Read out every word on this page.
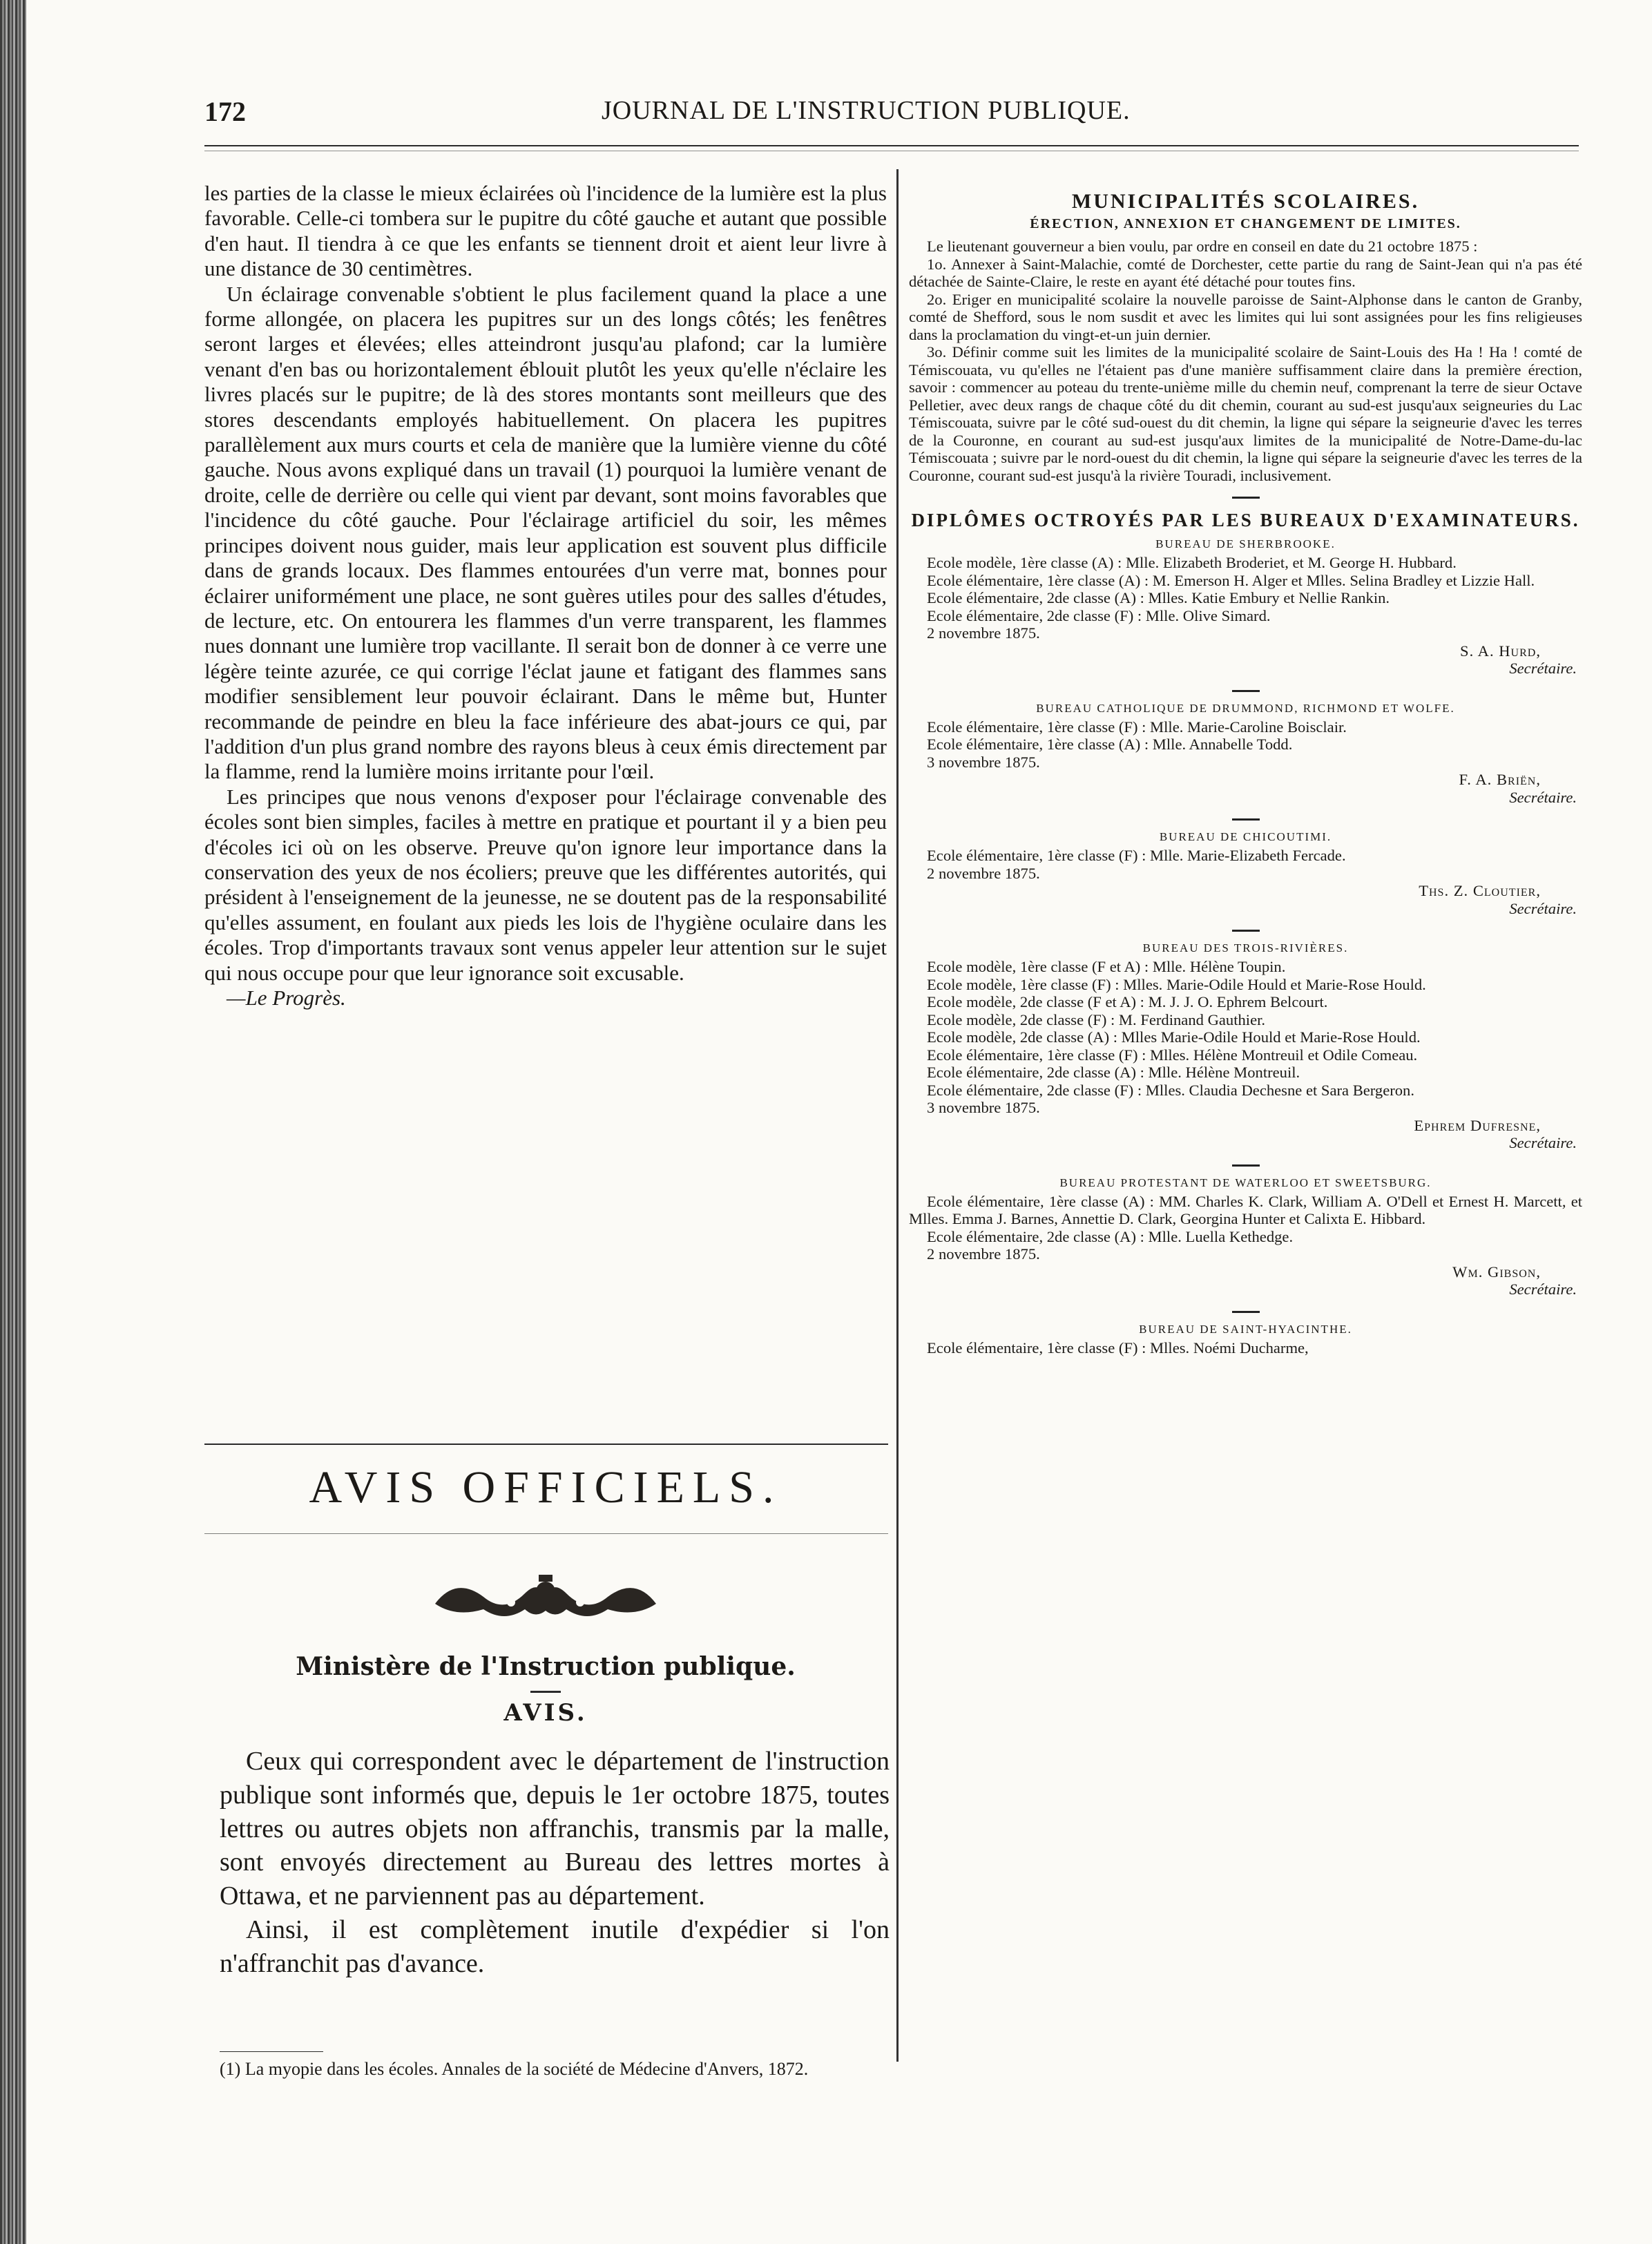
172	JOURNAL DE L'INSTRUCTION PUBLIQUE.

les parties de la classe le mieux éclairées où l'incidence de la lumière est la plus favorable. Celle-ci tombera sur le pupitre du côté gauche et autant que possible d'en haut. Il tiendra à ce que les enfants se tiennent droit et aient leur livre à une distance de 30 centimètres.

Un éclairage convenable s'obtient le plus facilement quand la place a une forme allongée, on placera les pupitres sur un des longs côtés; les fenêtres seront larges et élevées; elles atteindront jusqu'au plafond; car la lumière venant d'en bas ou horizontalement éblouit plutôt les yeux qu'elle n'éclaire les livres placés sur le pupitre; de là des stores montants sont meilleurs que des stores descendants employés habituellement. On placera les pupitres parallèlement aux murs courts et cela de manière que la lumière vienne du côté gauche. Nous avons expliqué dans un travail (1) pourquoi la lumière venant de droite, celle de derrière ou celle qui vient par devant, sont moins favorables que l'incidence du côté gauche. Pour l'éclairage artificiel du soir, les mêmes principes doivent nous guider, mais leur application est souvent plus difficile dans de grands locaux. Des flammes entourées d'un verre mat, bonnes pour éclairer uniformément une place, ne sont guères utiles pour des salles d'études, de lecture, etc. On entourera les flammes d'un verre transparent, les flammes nues donnant une lumière trop vacillante. Il serait bon de donner à ce verre une légère teinte azurée, ce qui corrige l'éclat jaune et fatigant des flammes sans modifier sensiblement leur pouvoir éclairant. Dans le même but, Hunter recommande de peindre en bleu la face inférieure des abat-jours ce qui, par l'addition d'un plus grand nombre des rayons bleus à ceux émis directement par la flamme, rend la lumière moins irritante pour l'œil.

Les principes que nous venons d'exposer pour l'éclairage convenable des écoles sont bien simples, faciles à mettre en pratique et pourtant il y a bien peu d'écoles ici où on les observe. Preuve qu'on ignore leur importance dans la conservation des yeux de nos écoliers; preuve que les différentes autorités, qui président à l'enseignement de la jeunesse, ne se doutent pas de la responsabilité qu'elles assument, en foulant aux pieds les lois de l'hygiène oculaire dans les écoles. Trop d'importants travaux sont venus appeler leur attention sur le sujet qui nous occupe pour que leur ignorance soit excusable.

—Le Progrès.

AVIS OFFICIELS.
Ministère de l'Instruction publique.
AVIS.

Ceux qui correspondent avec le département de l'instruction publique sont informés que, depuis le 1er octobre 1875, toutes lettres ou autres objets non affranchis, transmis par la malle, sont envoyés directement au Bureau des lettres mortes à Ottawa, et ne parviennent pas au département.

Ainsi, il est complètement inutile d'expédier si l'on n'affranchit pas d'avance.

(1) La myopie dans les écoles. Annales de la société de Médecine d'Anvers, 1872.
MUNICIPALITÉS SCOLAIRES.
ÉRECTION, ANNEXION ET CHANGEMENT DE LIMITES.

Le lieutenant gouverneur a bien voulu, par ordre en conseil en date du 21 octobre 1875 :

1o. Annexer à Saint-Malachie, comté de Dorchester, cette partie du rang de Saint-Jean qui n'a pas été détachée de Sainte-Claire, le reste en ayant été détaché pour toutes fins.

2o. Eriger en municipalité scolaire la nouvelle paroisse de Saint-Alphonse dans le canton de Granby, comté de Shefford, sous le nom susdit et avec les limites qui lui sont assignées pour les fins religieuses dans la proclamation du vingt-et-un juin dernier.

3o. Définir comme suit les limites de la municipalité scolaire de Saint-Louis des Ha ! Ha ! comté de Témiscouata, vu qu'elles ne l'étaient pas d'une manière suffisamment claire dans la première érection, savoir : commencer au poteau du trente-unième mille du chemin neuf, comprenant la terre de sieur Octave Pelletier, avec deux rangs de chaque côté du dit chemin, courant au sud-est jusqu'aux seigneuries du Lac Témiscouata, suivre par le côté sud-ouest du dit chemin, la ligne qui sépare la seigneurie d'avec les terres de la Couronne, en courant au sud-est jusqu'aux limites de la municipalité de Notre-Dame-du-lac Témiscouata ; suivre par le nord-ouest du dit chemin, la ligne qui sépare la seigneurie d'avec les terres de la Couronne, courant sud-est jusqu'à la rivière Touradi, inclusivement.

DIPLÔMES OCTROYÉS PAR LES BUREAUX D'EXAMINATEURS.
BUREAU DE SHERBROOKE.

Ecole modèle, 1ère classe (A) : Mlle. Elizabeth Broderiet, et M. George H. Hubbard.

Ecole élémentaire, 1ère classe (A) : M. Emerson H. Alger et Mlles. Selina Bradley et Lizzie Hall.

Ecole élémentaire, 2de classe (A) : Mlles. Katie Embury et Nellie Rankin.

Ecole élémentaire, 2de classe (F) : Mlle. Olive Simard.

2 novembre 1875.

S. A. Hurd,

Secrétaire.

BUREAU CATHOLIQUE DE DRUMMOND, RICHMOND ET WOLFE.

Ecole élémentaire, 1ère classe (F) : Mlle. Marie-Caroline Boisclair.

Ecole élémentaire, 1ère classe (A) : Mlle. Annabelle Todd.

3 novembre 1875.

F. A. Briën,

Secrétaire.

BUREAU DE CHICOUTIMI.

Ecole élémentaire, 1ère classe (F) : Mlle. Marie-Elizabeth Fercade.

2 novembre 1875.

Ths. Z. Cloutier,

Secrétaire.

BUREAU DES TROIS-RIVIÈRES.

Ecole modèle, 1ère classe (F et A) : Mlle. Hélène Toupin.

Ecole modèle, 1ère classe (F) : Mlles. Marie-Odile Hould et Marie-Rose Hould.

Ecole modèle, 2de classe (F et A) : M. J. J. O. Ephrem Belcourt.

Ecole modèle, 2de classe (F) : M. Ferdinand Gauthier.

Ecole modèle, 2de classe (A) : Mlles Marie-Odile Hould et Marie-Rose Hould.

Ecole élémentaire, 1ère classe (F) : Mlles. Hélène Montreuil et Odile Comeau.

Ecole élémentaire, 2de classe (A) : Mlle. Hélène Montreuil.

Ecole élémentaire, 2de classe (F) : Mlles. Claudia Dechesne et Sara Bergeron.

3 novembre 1875.

Ephrem Dufresne,

Secrétaire.

BUREAU PROTESTANT DE WATERLOO ET SWEETSBURG.

Ecole élémentaire, 1ère classe (A) : MM. Charles K. Clark, William A. O'Dell et Ernest H. Marcett, et Mlles. Emma J. Barnes, Annettie D. Clark, Georgina Hunter et Calixta E. Hibbard.

Ecole élémentaire, 2de classe (A) : Mlle. Luella Kethedge.

2 novembre 1875.

Wm. Gibson,

Secrétaire.

BUREAU DE SAINT-HYACINTHE.

Ecole élémentaire, 1ère classe (F) : Mlles. Noémi Ducharme,
